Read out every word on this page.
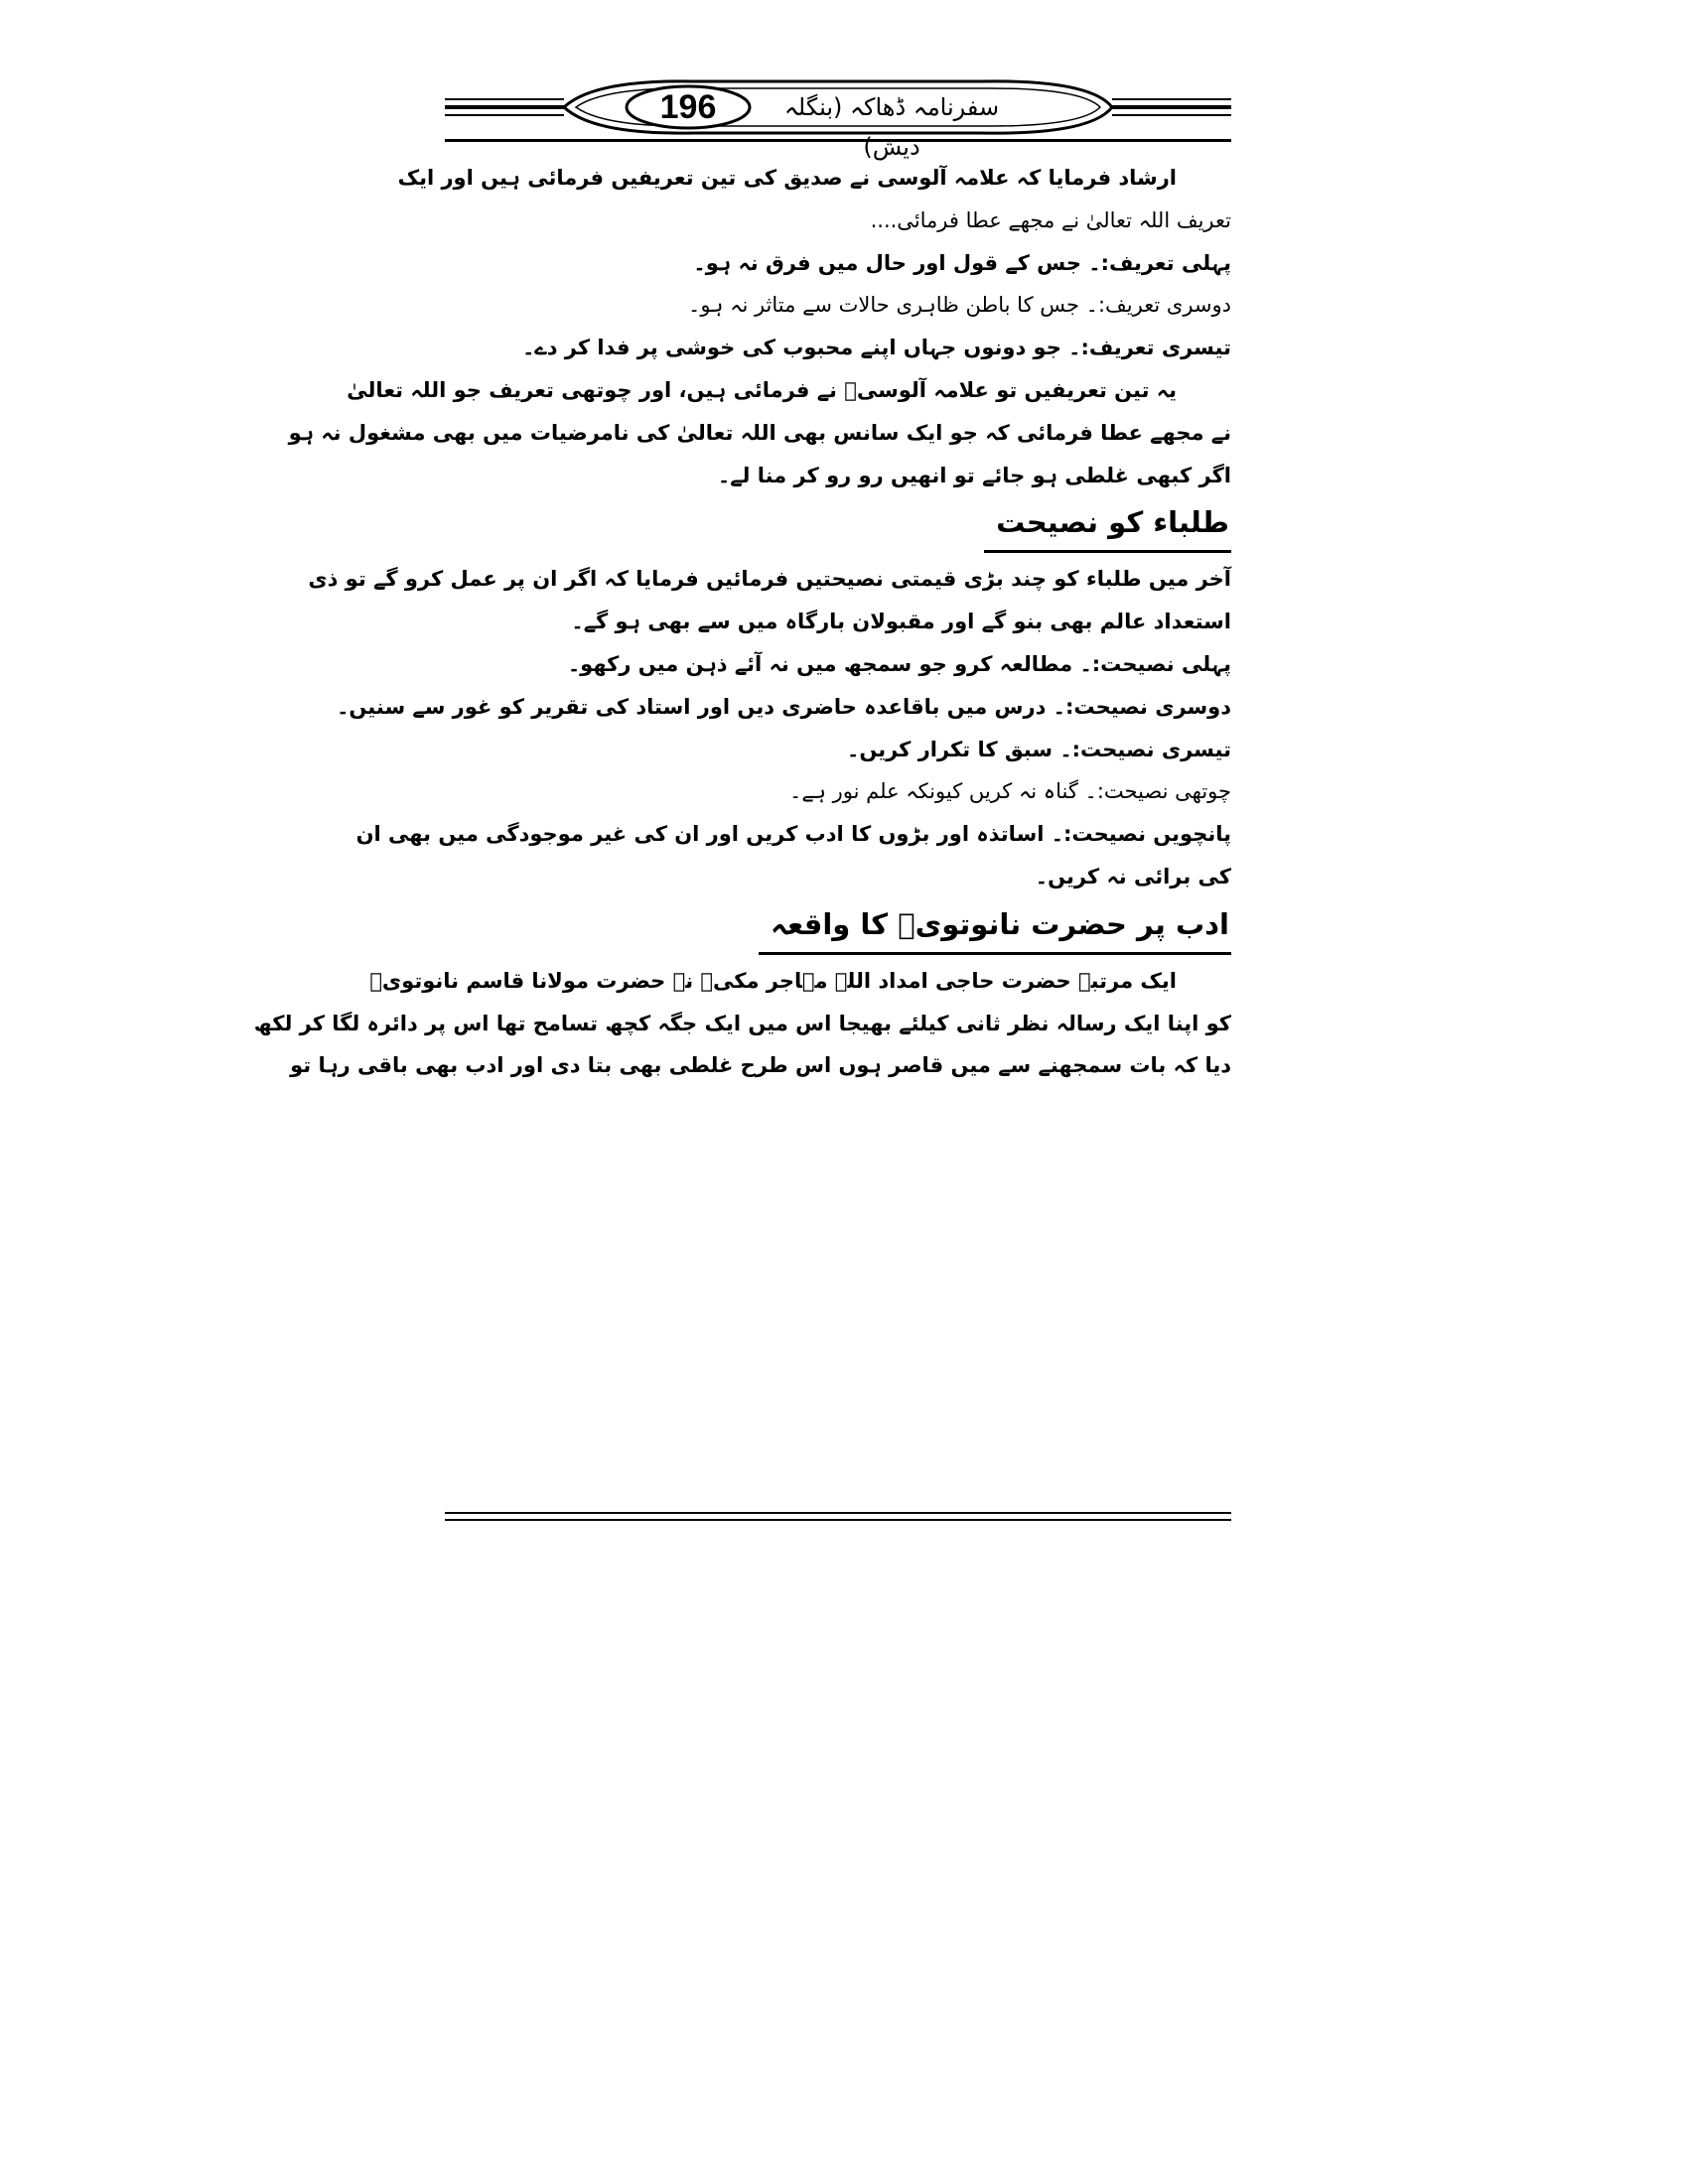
196	سفرنامہ ڈھاکہ (بنگلہ دیش)
ارشاد فرمایا کہ علامہ آلوسی نے صدیق کی تین تعریفیں فرمائی ہیں اور ایک
تعریف اللہ تعالیٰ نے مجھے عطا فرمائی....
پہلی تعریف:۔ جس کے قول اور حال میں فرق نہ ہو۔
دوسری تعریف:۔ جس کا باطن ظاہری حالات سے متاثر نہ ہو۔
تیسری تعریف:۔ جو دونوں جہاں اپنے محبوب کی خوشی پر فدا کر دے۔
یہ تین تعریفیں تو علامہ آلوسیؒ نے فرمائی ہیں، اور چوتھی تعریف جو اللہ تعالیٰ
نے مجھے عطا فرمائی کہ جو ایک سانس بھی اللہ تعالیٰ کی نامرضیات میں بھی مشغول نہ ہو
اگر کبھی غلطی ہو جائے تو انھیں رو رو کر منا لے۔
طلباء کو نصیحت
آخر میں طلباء کو چند بڑی قیمتی نصیحتیں فرمائیں فرمایا کہ اگر ان پر عمل کرو گے تو ذی
استعداد عالم بھی بنو گے اور مقبولان بارگاہ میں سے بھی ہو گے۔
پہلی نصیحت:۔ مطالعہ کرو جو سمجھ میں نہ آئے ذہن میں رکھو۔
دوسری نصیحت:۔ درس میں باقاعدہ حاضری دیں اور استاد کی تقریر کو غور سے سنیں۔
تیسری نصیحت:۔ سبق کا تکرار کریں۔
چوتھی نصیحت:۔ گناہ نہ کریں کیونکہ علم نور ہے۔
پانچویں نصیحت:۔ اساتذہ اور بڑوں کا ادب کریں اور ان کی غیر موجودگی میں بھی ان
کی برائی نہ کریں۔
ادب پر حضرت نانوتویؒ کا واقعہ
ایک مرتبہ حضرت حاجی امداد اللہ مہاجر مکیؒ نے حضرت مولانا قاسم نانوتویؒ
کو اپنا ایک رسالہ نظر ثانی کیلئے بھیجا اس میں ایک جگہ کچھ تسامح تھا اس پر دائرہ لگا کر لکھ
دیا کہ بات سمجھنے سے میں قاصر ہوں اس طرح غلطی بھی بتا دی اور ادب بھی باقی رہا تو
